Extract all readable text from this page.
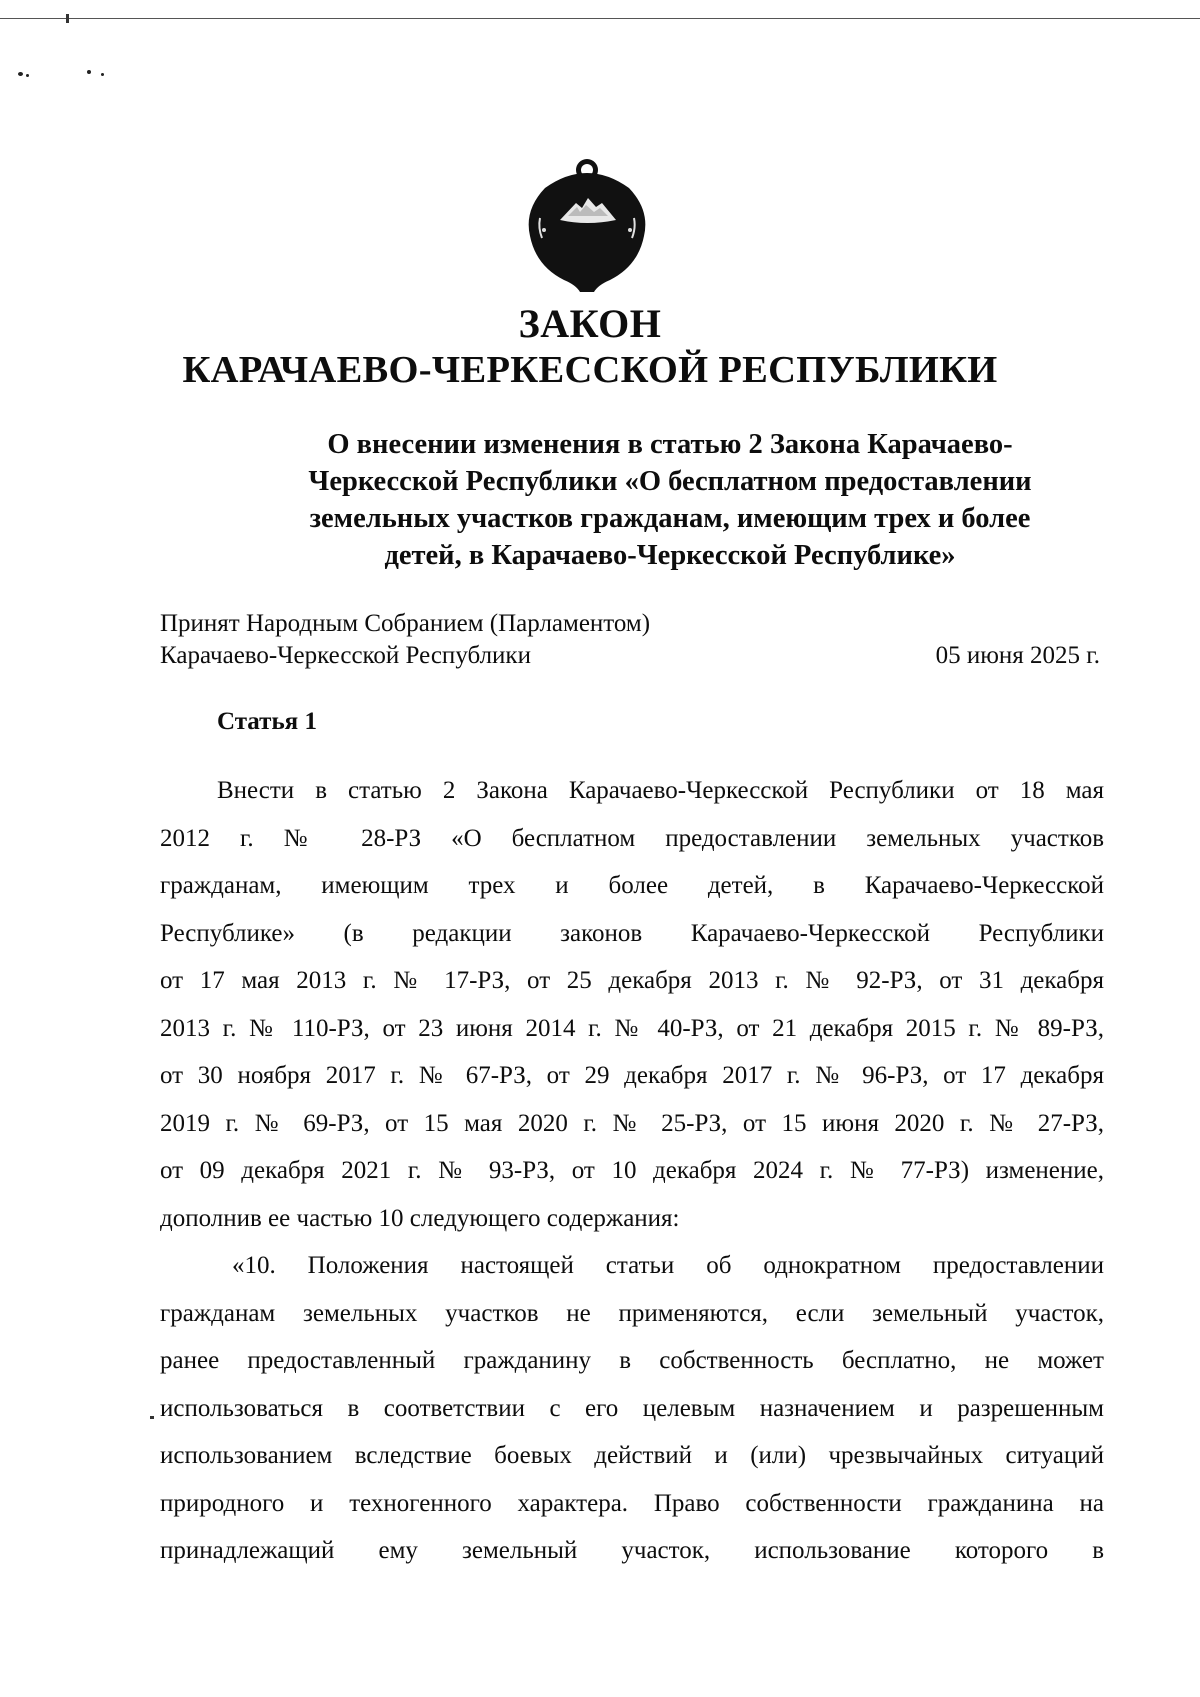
ЗАКОН
КАРАЧАЕВО-ЧЕРКЕССКОЙ РЕСПУБЛИКИ
О внесении изменения в статью 2 Закона Карачаево-
Черкесской Республики «О бесплатном предоставлении
земельных участков гражданам, имеющим трех и более
детей, в Карачаево-Черкесской Республике»
Принят Народным Собранием (Парламентом)
Карачаево-Черкесской Республики	05 июня 2025 г.
Статья 1
Внести в статью 2 Закона Карачаево-Черкесской Республики от 18 мая
2012 г. № 28-РЗ «О бесплатном предоставлении земельных участков
гражданам, имеющим трех и более детей, в Карачаево-Черкесской
Республике» (в редакции законов Карачаево-Черкесской Республики
от 17 мая 2013 г. № 17-РЗ, от 25 декабря 2013 г. № 92-РЗ, от 31 декабря
2013 г. № 110-РЗ, от 23 июня 2014 г. № 40-РЗ, от 21 декабря 2015 г. № 89-РЗ,
от 30 ноября 2017 г. № 67-РЗ, от 29 декабря 2017 г. № 96-РЗ, от 17 декабря
2019 г. № 69-РЗ, от 15 мая 2020 г. № 25-РЗ, от 15 июня 2020 г. № 27-РЗ,
от 09 декабря 2021 г. № 93-РЗ, от 10 декабря 2024 г. № 77-РЗ) изменение,
дополнив ее частью 10 следующего содержания:
«10. Положения настоящей статьи об однократном предоставлении
гражданам земельных участков не применяются, если земельный участок,
ранее предоставленный гражданину в собственность бесплатно, не может
использоваться в соответствии с его целевым назначением и разрешенным
использованием вследствие боевых действий и (или) чрезвычайных ситуаций
природного и техногенного характера. Право собственности гражданина на
принадлежащий ему земельный участок, использование которого в
